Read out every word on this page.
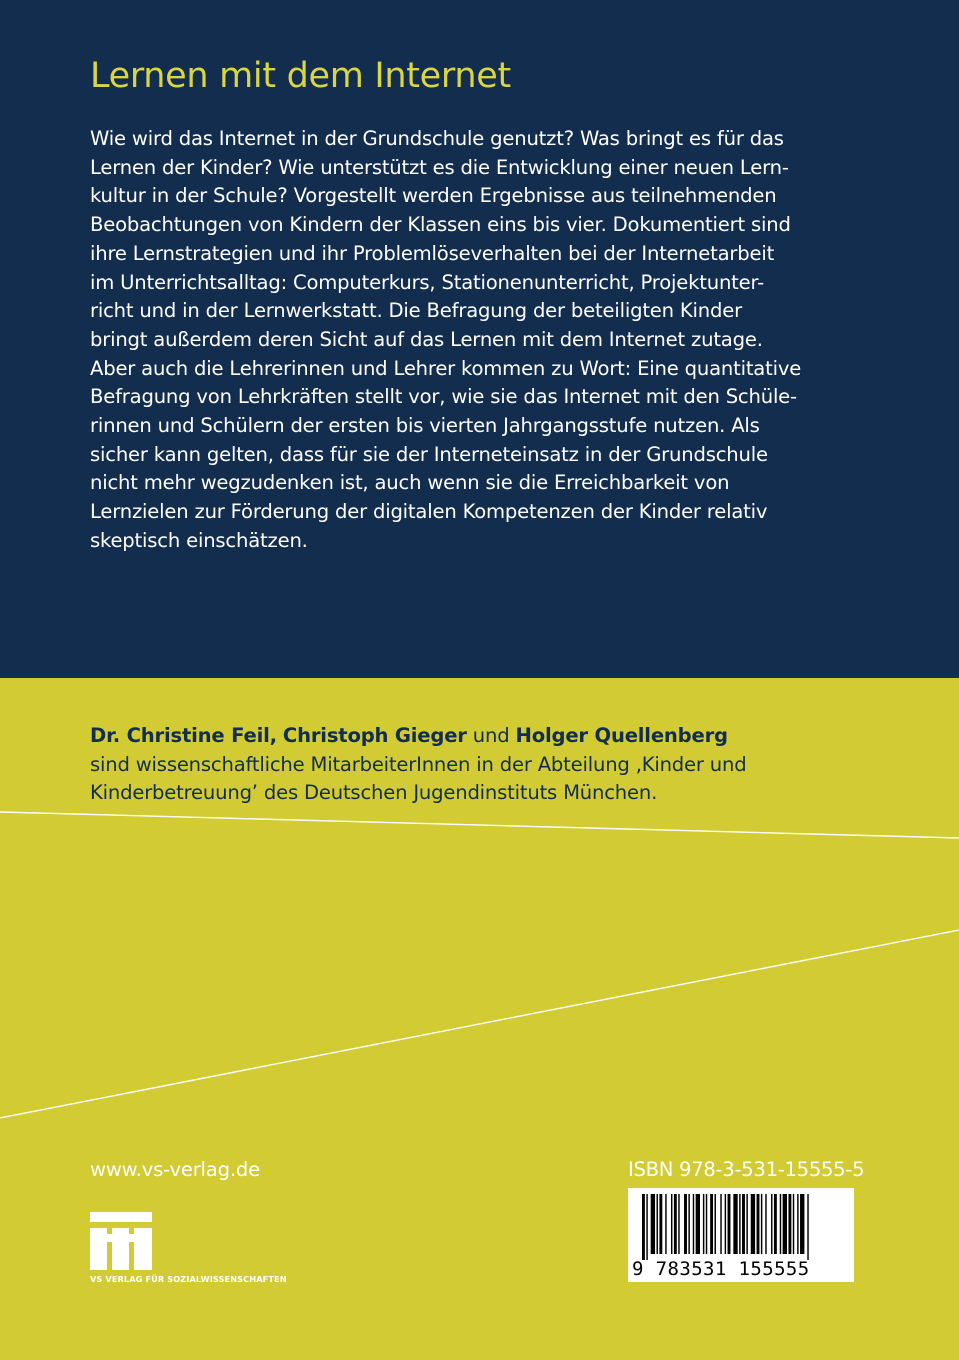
Lernen mit dem Internet
Wie wird das Internet in der Grundschule genutzt? Was bringt es für das
Lernen der Kinder? Wie unterstützt es die Entwicklung einer neuen Lern-
kultur in der Schule? Vorgestellt werden Ergebnisse aus teilnehmenden
Beobachtungen von Kindern der Klassen eins bis vier. Dokumentiert sind
ihre Lernstrategien und ihr Problemlöseverhalten bei der Internetarbeit
im Unterrichtsalltag: Computerkurs, Stationenunterricht, Projektunter-
richt und in der Lernwerkstatt. Die Befragung der beteiligten Kinder
bringt außerdem deren Sicht auf das Lernen mit dem Internet zutage.
Aber auch die Lehrerinnen und Lehrer kommen zu Wort: Eine quantitative
Befragung von Lehrkräften stellt vor, wie sie das Internet mit den Schüle-
rinnen und Schülern der ersten bis vierten Jahrgangsstufe nutzen. Als
sicher kann gelten, dass für sie der Interneteinsatz in der Grundschule
nicht mehr wegzudenken ist, auch wenn sie die Erreichbarkeit von
Lernzielen zur Förderung der digitalen Kompetenzen der Kinder relativ
skeptisch einschätzen.
Dr. Christine Feil, Christoph Gieger und Holger Quellenberg
sind wissenschaftliche MitarbeiterInnen in der Abteilung ‚Kinder und
Kinderbetreuung’ des Deutschen Jugendinstituts München.
www.vs-verlag.de
VS VERLAG FÜR SOZIALWISSENSCHAFTEN
ISBN 978-3-531-15555-5
9 783531 155555
